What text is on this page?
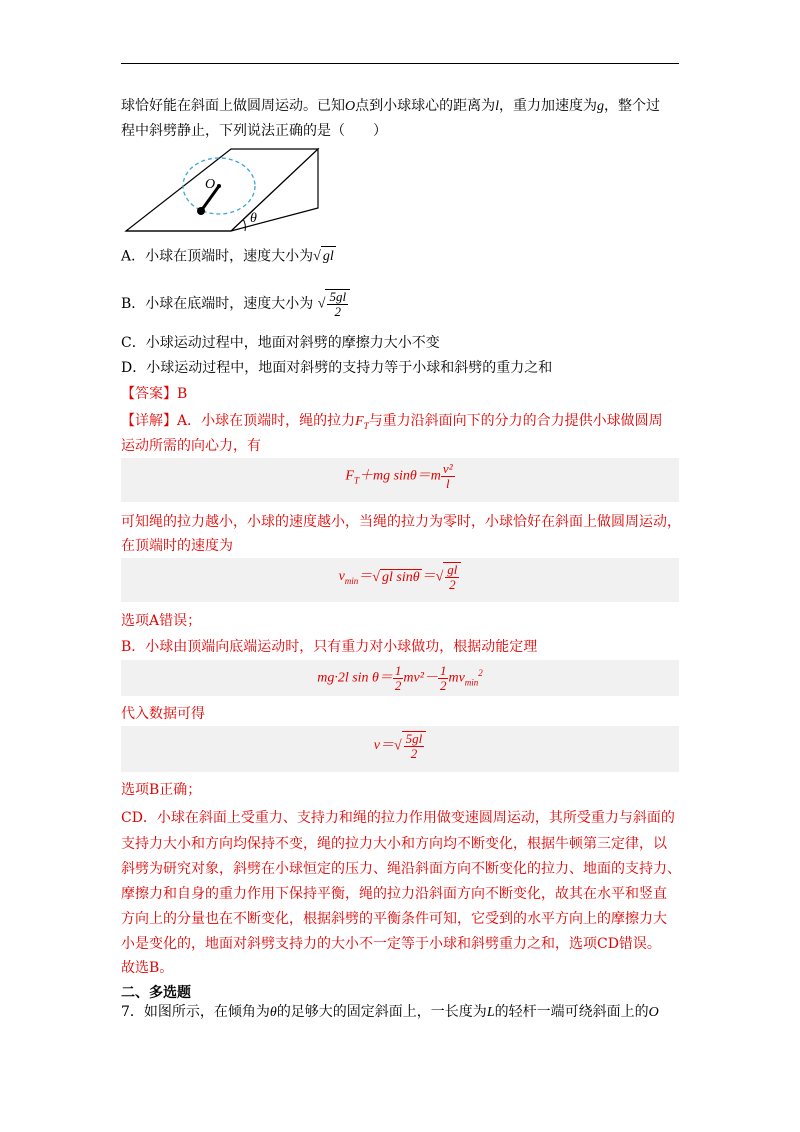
球恰好能在斜面上做圆周运动。已知O点到小球球心的距离为l，重力加速度为g，整个过
程中斜劈静止，下列说法正确的是（　　）
O
θ
A．小球在顶端时，速度大小为√ gl
B．小球在底端时，速度大小为 √ $\frac{5gl}{2}$
C．小球运动过程中，地面对斜劈的摩擦力大小不变
D．小球运动过程中，地面对斜劈的支持力等于小球和斜劈的重力之和
【答案】B
【详解】A．小球在顶端时，绳的拉力$F_T$与重力沿斜面向下的分力的合力提供小球做圆周
运动所需的向心力，有
$F_T+mg$ $\sin\theta=m \frac{\text{v²}}{l}$
可知绳的拉力越小，小球的速度越小，当绳的拉力为零时，小球恰好在斜面上做圆周运动，
在顶端时的速度为
$v_{min}=√$ gl sinθ ＝√ $\frac{gl}{2}$
选项A错误；
B．小球由顶端向底端运动时，只有重力对小球做功，根据动能定理
mg·2l $\sin \theta= \frac{1}{2} mv^2- \frac{1}{2} mv_{min}^2$
代入数据可得
$v=√ \frac{5gl}{2}$
选项B正确；
CD．小球在斜面上受重力、支持力和绳的拉力作用做变速圆周运动，其所受重力与斜面的
支持力大小和方向均保持不变，绳的拉力大小和方向均不断变化，根据牛顿第三定律，以
斜劈为研究对象，斜劈在小球恒定的压力、绳沿斜面方向不断变化的拉力、地面的支持力、
摩擦力和自身的重力作用下保持平衡，绳的拉力沿斜面方向不断变化，故其在水平和竖直
方向上的分量也在不断变化，根据斜劈的平衡条件可知，它受到的水平方向上的摩擦力大
小是变化的，地面对斜劈支持力的大小不一定等于小球和斜劈重力之和，选项CD错误。
故选B。
二、多选题
7．如图所示，在倾角为θ的足够大的固定斜面上，一长度为L的轻杆一端可绕斜面上的O
